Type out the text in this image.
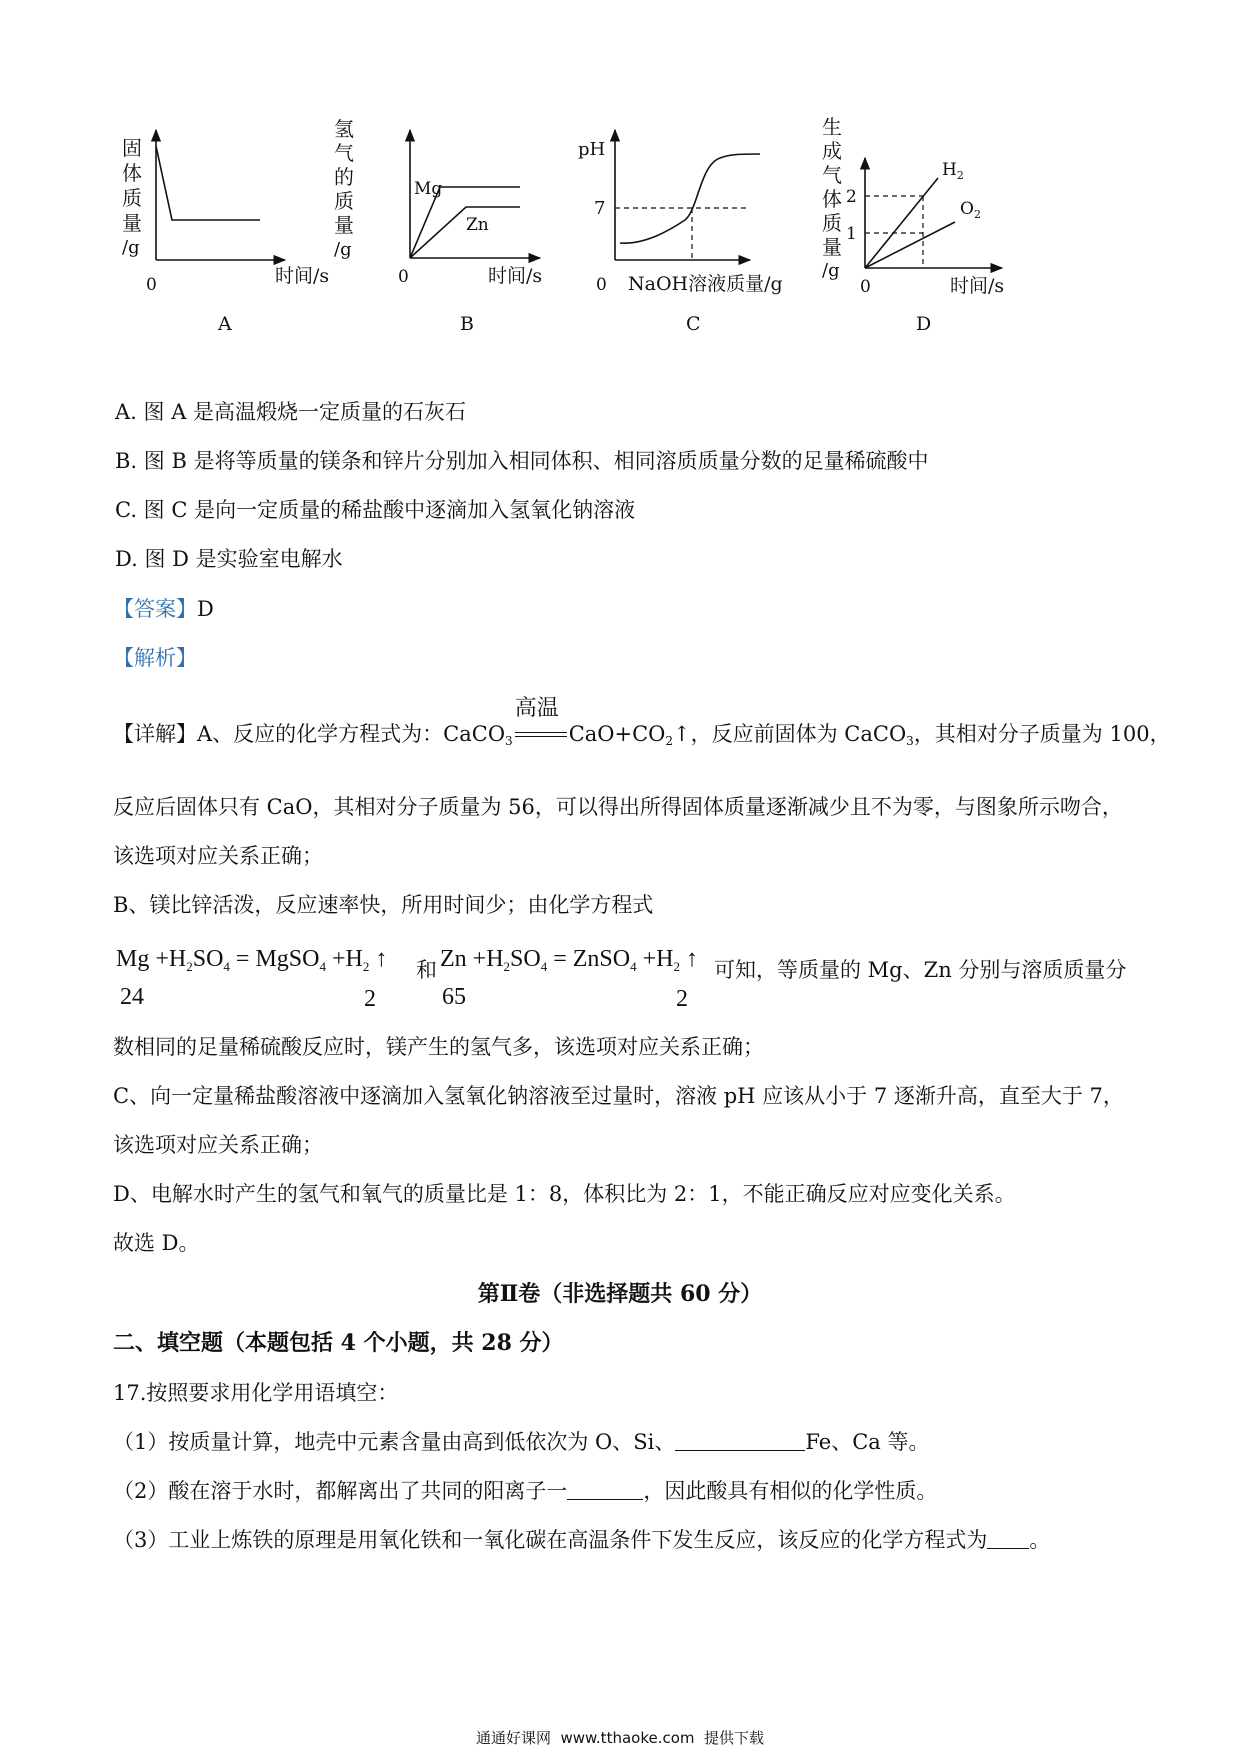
固
体
质
量
/g
0	时间/s
A
氢
气
的
质
量
/g
Mg
Zn
0	时间/s
B
pH
7
0 NaOH溶液质量/g
C
生
成
气
体
质
量
/g
2
1
$H_2$
$O_2$
0	时间/s
D
A. 图 A 是高温煅烧一定质量的石灰石
B. 图 B 是将等质量的镁条和锌片分别加入相同体积、相同溶质质量分数的足量稀硫酸中
C. 图 C 是向一定质量的稀盐酸中逐滴加入氢氧化钠溶液
D. 图 D 是实验室电解水
【答案】D
【解析】
【详解】A、反应的化学方程式为：CaCO$_3$
高温
$CaO+CO_2↑$，反应前固体为 CaCO$_3$，其相对分子质量为 100，
反应后固体只有 CaO，其相对分子质量为 56，可以得出所得固体质量逐渐减少且不为零，与图象所示吻合，
该选项对应关系正确；
B、镁比锌活泼，反应速率快，所用时间少；由化学方程式
$Mg +H_2SO_4$ = MgSO$_4$ $+H_2$ ↑
24	2
和 $Zn +H_2SO_4$ = ZnSO$_4$ $+H_2$ ↑
65	2
可知，等质量的 Mg、Zn 分别与溶质质量分
数相同的足量稀硫酸反应时，镁产生的氢气多，该选项对应关系正确；
C、向一定量稀盐酸溶液中逐滴加入氢氧化钠溶液至过量时，溶液 pH 应该从小于 7 逐渐升高，直至大于 7，
该选项对应关系正确；
D、电解水时产生的氢气和氧气的质量比是 1：8，体积比为 2：1，不能正确反应对应变化关系。
故选 D。
第Ⅱ卷（非选择题共 60 分）
二、填空题（本题包括 4 个小题，共 28 分）
17.按照要求用化学用语填空：
（1）按质量计算，地壳中元素含量由高到低依次为 O、Si、	Fe、Ca 等。
（2）酸在溶于水时，都解离出了共同的阳离子一	，因此酸具有相似的化学性质。
（3）工业上炼铁的原理是用氧化铁和一氧化碳在高温条件下发生反应，该反应的化学方程式为 。
通通好课网  www.tthaoke.com  提供下载
